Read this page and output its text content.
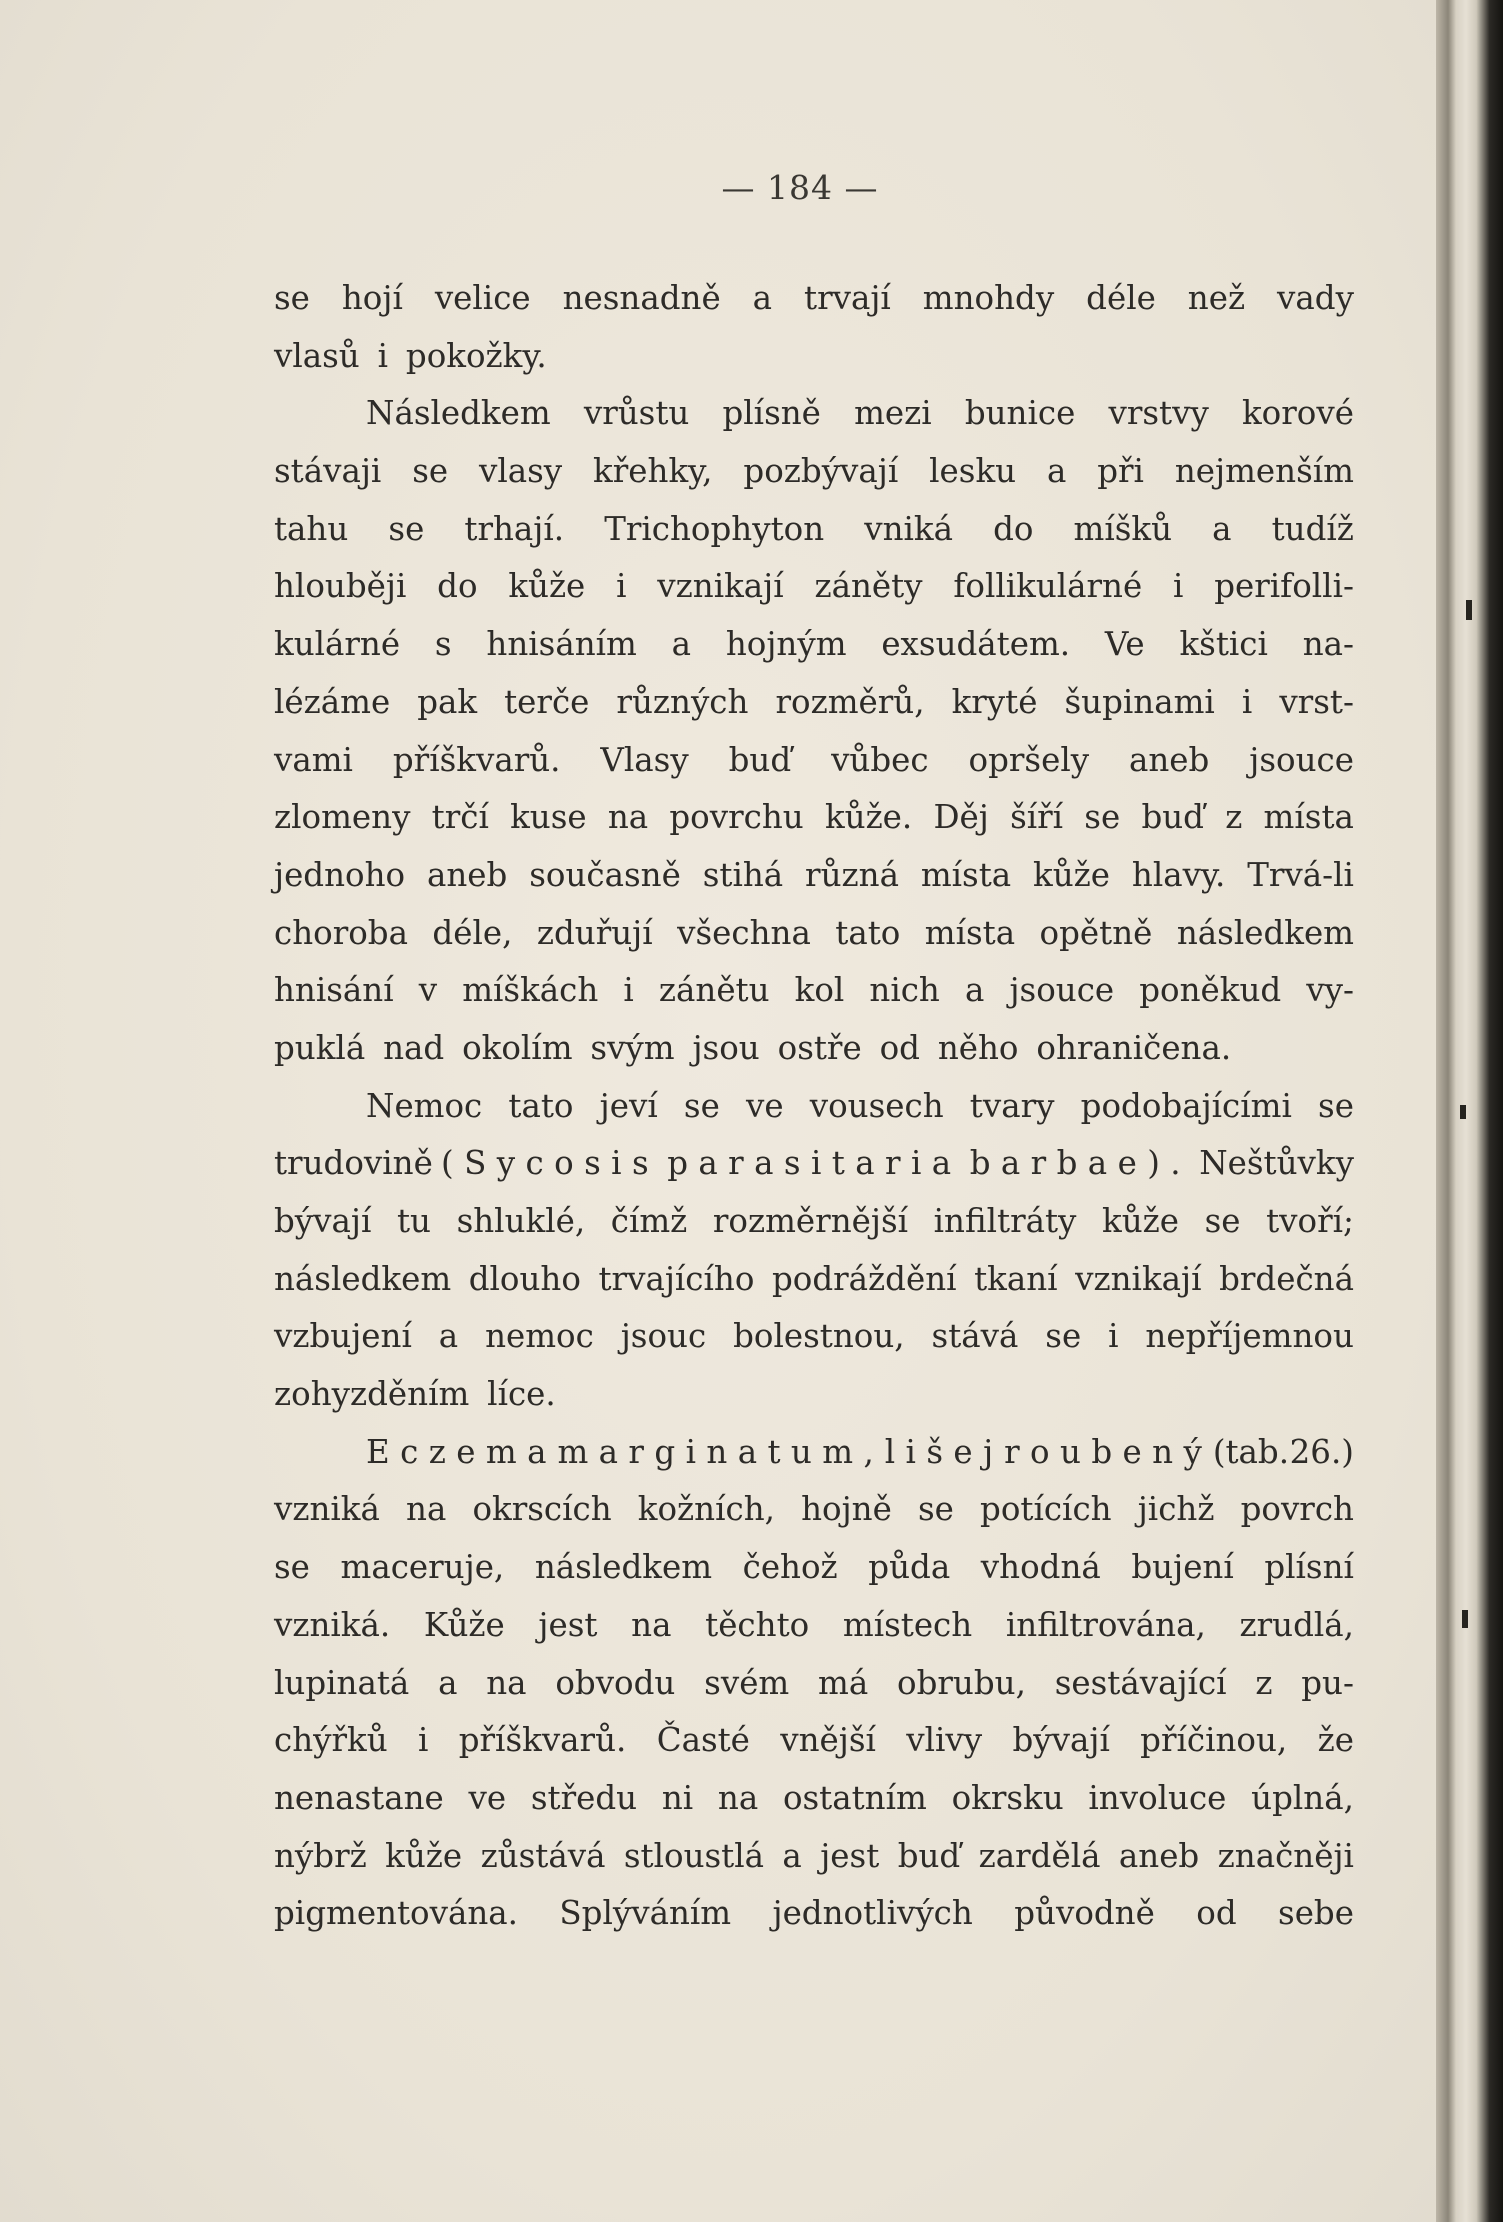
— 184 —
se hojí velice nesnadně a trvají mnohdy déle než vady
vlasů i pokožky.
Následkem vrůstu plísně mezi bunice vrstvy korové
stávaji se vlasy křehky, pozbývají lesku a při nejmenším
tahu se trhají. Trichophyton vniká do míšků a tudíž
hlouběji do kůže i vznikají záněty follikulárné i perifolli-
kulárné s hnisáním a hojným exsudátem. Ve kštici na-
lézáme pak terče různých rozměrů, kryté šupinami i vrst-
vami příškvarů. Vlasy buď vůbec opršely aneb jsouce
zlomeny trčí kuse na povrchu kůže. Děj šíří se buď z místa
jednoho aneb současně stihá různá místa kůže hlavy. Trvá-li
choroba déle, zduřují všechna tato místa opětně následkem
hnisání v míškách i zánětu kol nich a jsouce poněkud vy-
puklá nad okolím svým jsou ostře od něho ohraničena.
Nemoc tato jeví se ve vousech tvary podobajícími se
trudovině (Sycosis parasitaria barbae). Neštůvky
bývají tu shluklé, čímž rozměrnější infiltráty kůže se tvoří;
následkem dlouho trvajícího podráždění tkaní vznikají brdečná
vzbujení a nemoc jsouc bolestnou, stává se i nepříjemnou
zohyzděním líce.
Eczema marginatum, lišej roubený (tab. 26.)
vzniká na okrscích kožních, hojně se potících jichž povrch
se maceruje, následkem čehož půda vhodná bujení plísní
vzniká. Kůže jest na těchto místech infiltrována, zrudlá,
lupinatá a na obvodu svém má obrubu, sestávající z pu-
chýřků i příškvarů. Časté vnější vlivy bývají příčinou, že
nenastane ve středu ni na ostatním okrsku involuce úplná,
nýbrž kůže zůstává stloustlá a jest buď zardělá aneb značněji
pigmentována. Splýváním jednotlivých původně od sebe
